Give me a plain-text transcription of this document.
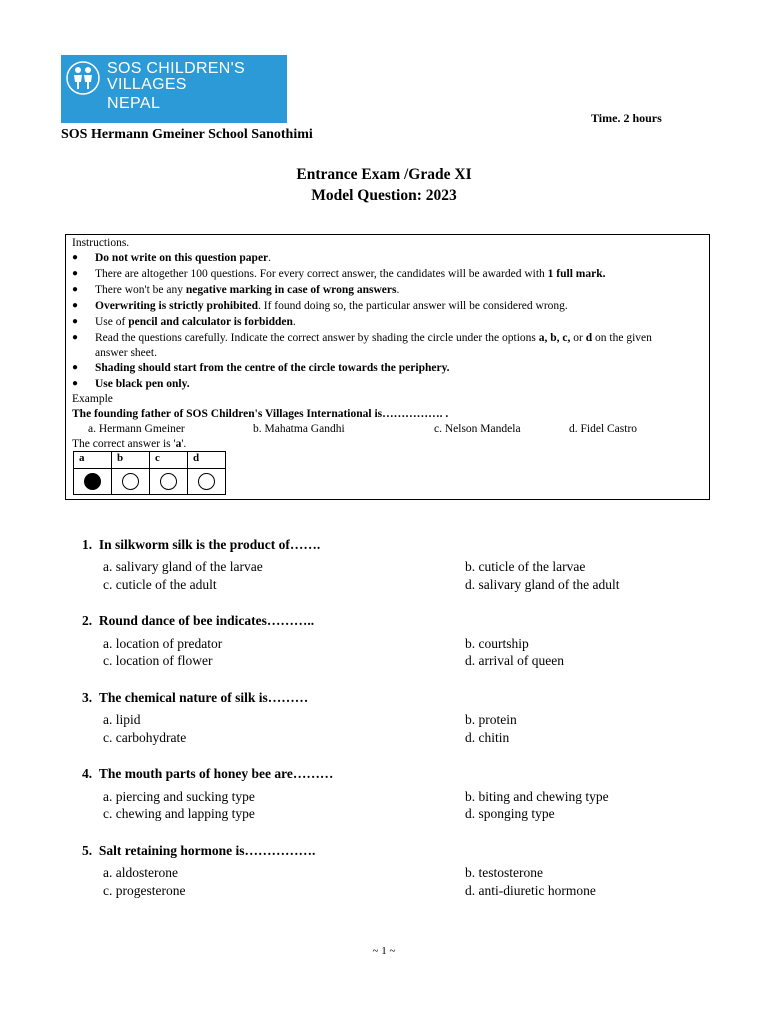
SOS CHILDREN'S
VILLAGES
NEPAL
Time. 2 hours
SOS Hermann Gmeiner School Sanothimi
Entrance Exam /Grade XI
Model Question: 2023
Instructions.
● Do not write on this question paper.
● There are altogether 100 questions. For every correct answer, the candidates will be awarded with 1 full mark.
● There won't be any negative marking in case of wrong answers.
● Overwriting is strictly prohibited. If found doing so, the particular answer will be considered wrong.
● Use of pencil and calculator is forbidden.
● Read the questions carefully. Indicate the correct answer by shading the circle under the options a, b, c, or d on the given
answer sheet.
● Shading should start from the centre of the circle towards the periphery.
● Use black pen only.
Example
The founding father of SOS Children's Villages International is……………. .
a. Hermann Gmeiner	b. Mahatma Gandhi	c. Nelson Mandela	d. Fidel Castro
The correct answer is 'a'.
a	b	c	d

1. In silkworm silk is the product of…….
a. salivary gland of the larvae	b. cuticle of the larvae
c. cuticle of the adult	d. salivary gland of the adult
2. Round dance of bee indicates………..
a. location of predator	b. courtship
c. location of flower	d. arrival of queen
3. The chemical nature of silk is………
a. lipid	b. protein
c. carbohydrate	d. chitin
4. The mouth parts of honey bee are………
a. piercing and sucking type	b. biting and chewing type
c. chewing and lapping type	d. sponging type
5. Salt retaining hormone is…………….
a. aldosterone	b. testosterone
c. progesterone	d. anti-diuretic hormone
~ 1 ~
